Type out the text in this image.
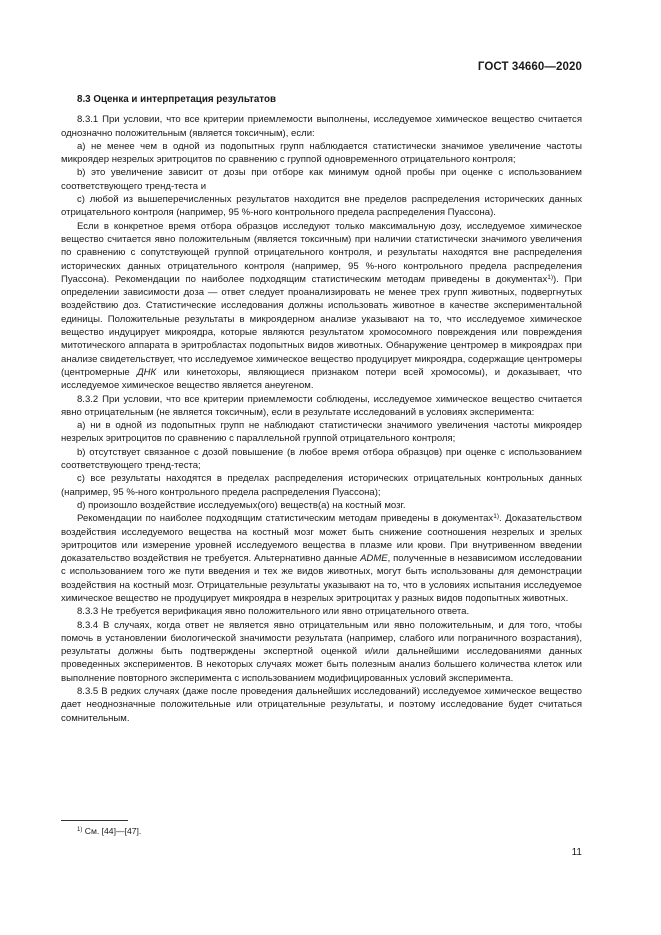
ГОСТ 34660—2020

8.3 Оценка и интерпретация результатов

8.3.1 При условии, что все критерии приемлемости выполнены, исследуемое химическое вещество считается однозначно положительным (является токсичным), если:

a) не менее чем в одной из подопытных групп наблюдается статистически значимое увеличение частоты микроядер незрелых эритроцитов по сравнению с группой одновременного отрицательного контроля;

b) это увеличение зависит от дозы при отборе как минимум одной пробы при оценке с использованием соответствующего тренд-теста и

c) любой из вышеперечисленных результатов находится вне пределов распределения исторических данных отрицательного контроля (например, 95 %-ного контрольного предела распределения Пуассона).

Если в конкретное время отбора образцов исследуют только максимальную дозу, исследуемое химическое вещество считается явно положительным (является токсичным) при наличии статистически значимого увеличения по сравнению с сопутствующей группой отрицательного контроля, и результаты находятся вне распределения исторических данных отрицательного контроля (например, 95 %-ного контрольного предела распределения Пуассона). Рекомендации по наиболее подходящим статистическим методам приведены в документах$^{1)}$). При определении зависимости доза — ответ следует проанализировать не менее трех групп животных, подвергнутых воздействию доз. Статистические исследования должны использовать животное в качестве экспериментальной единицы. Положительные результаты в микроядерном анализе указывают на то, что исследуемое химическое вещество индуцирует микроядра, которые являются результатом хромосомного повреждения или повреждения митотического аппарата в эритробластах подопытных видов животных. Обнаружение центромер в микроядрах при анализе свидетельствует, что исследуемое химическое вещество продуцирует микроядра, содержащие центромеры (центромерные ДНК или кинетохоры, являющиеся признаком потери всей хромосомы), и доказывает, что исследуемое химическое вещество является анеугеном.

8.3.2 При условии, что все критерии приемлемости соблюдены, исследуемое химическое вещество считается явно отрицательным (не является токсичным), если в результате исследований в условиях эксперимента:

a) ни в одной из подопытных групп не наблюдают статистически значимого увеличения частоты микроядер незрелых эритроцитов по сравнению с параллельной группой отрицательного контроля;

b) отсутствует связанное с дозой повышение (в любое время отбора образцов) при оценке с использованием соответствующего тренд-теста;

c) все результаты находятся в пределах распределения исторических отрицательных контрольных данных (например, 95 %-ного контрольного предела распределения Пуассона);

d) произошло воздействие исследуемых(ого) веществ(а) на костный мозг.

Рекомендации по наиболее подходящим статистическим методам приведены в документах$^{1)}$. Доказательством воздействия исследуемого вещества на костный мозг может быть снижение соотношения незрелых и зрелых эритроцитов или измерение уровней исследуемого вещества в плазме или крови. При внутривенном введении доказательство воздействия не требуется. Альтернативно данные ADME, полученные в независимом исследовании с использованием того же пути введения и тех же видов животных, могут быть использованы для демонстрации воздействия на костный мозг. Отрицательные результаты указывают на то, что в условиях испытания исследуемое химическое вещество не продуцирует микроядра в незрелых эритроцитах у разных видов подопытных животных.

8.3.3 Не требуется верификация явно положительного или явно отрицательного ответа.

8.3.4 В случаях, когда ответ не является явно отрицательным или явно положительным, и для того, чтобы помочь в установлении биологической значимости результата (например, слабого или пограничного возрастания), результаты должны быть подтверждены экспертной оценкой и/или дальнейшими исследованиями данных проведенных экспериментов. В некоторых случаях может быть полезным анализ большего количества клеток или выполнение повторного эксперимента с использованием модифицированных условий эксперимента.

8.3.5 В редких случаях (даже после проведения дальнейших исследований) исследуемое химическое вещество дает неоднозначные положительные или отрицательные результаты, и поэтому исследование будет считаться сомнительным.

$^{1)}$ См. [44]—[47].
11
